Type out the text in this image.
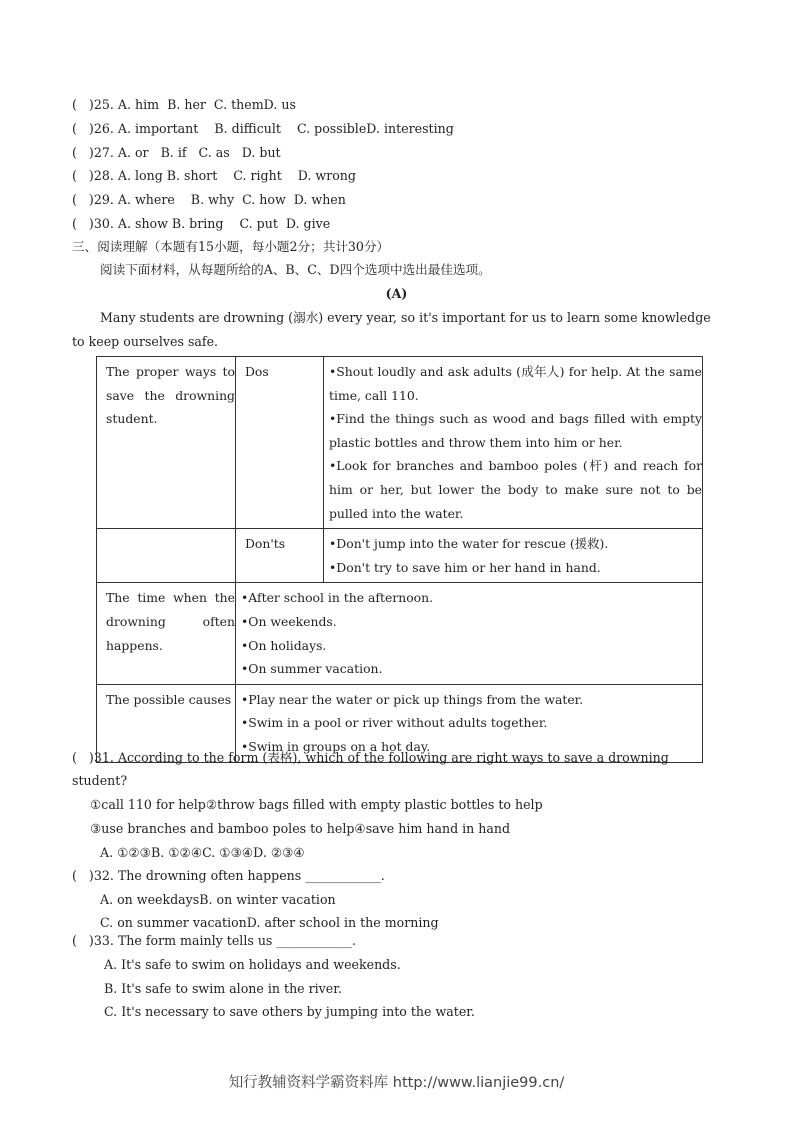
(   )25. A. him  B. her  C. themD. us
(   )26. A. important    B. difficult    C. possibleD. interesting
(   )27. A. or   B. if   C. as   D. but
(   )28. A. long B. short    C. right    D. wrong
(   )29. A. where    B. why  C. how  D. when
(   )30. A. show B. bring    C. put  D. give
三、阅读理解（本题有15小题，每小题2分；共计30分）
阅读下面材料，从每题所给的A、B、C、D四个选项中选出最佳选项。
(A)
Many students are drowning (溺水) every year, so it's important for us to learn some knowledge
to keep ourselves safe.
The proper ways to save the drowning student.	Dos	•Shout loudly and ask adults (成年人) for help. At the same time, call 110.
•Find the things such as wood and bags filled with empty plastic bottles and throw them into him or her.
•Look for branches and bamboo poles (杆) and reach for him or her, but lower the body to make sure not to be pulled into the water.

	Don'ts	•Don't jump into the water for rescue (援救).
•Don't try to save him or her hand in hand.

The time when the drowning often happens.	•After school in the afternoon.
•On weekends.
•On holidays.
•On summer vacation.	

The possible causes	•Play near the water or pick up things from the water.
•Swim in a pool or river without adults together.
•Swim in groups on a hot day.	
(   )31. According to the form (表格), which of the following are right ways to save a drowning
student?
①call 110 for help②throw bags filled with empty plastic bottles to help
③use branches and bamboo poles to help④save him hand in hand
A. ①②③B. ①②④C. ①③④D. ②③④
(   )32. The drowning often happens ____________.
A. on weekdaysB. on winter vacation
C. on summer vacationD. after school in the morning
(   )33. The form mainly tells us ____________.
A. It's safe to swim on holidays and weekends.
B. It's safe to swim alone in the river.
C. It's necessary to save others by jumping into the water.
知行教辅资料学霸资料库 http://www.lianjie99.cn/
